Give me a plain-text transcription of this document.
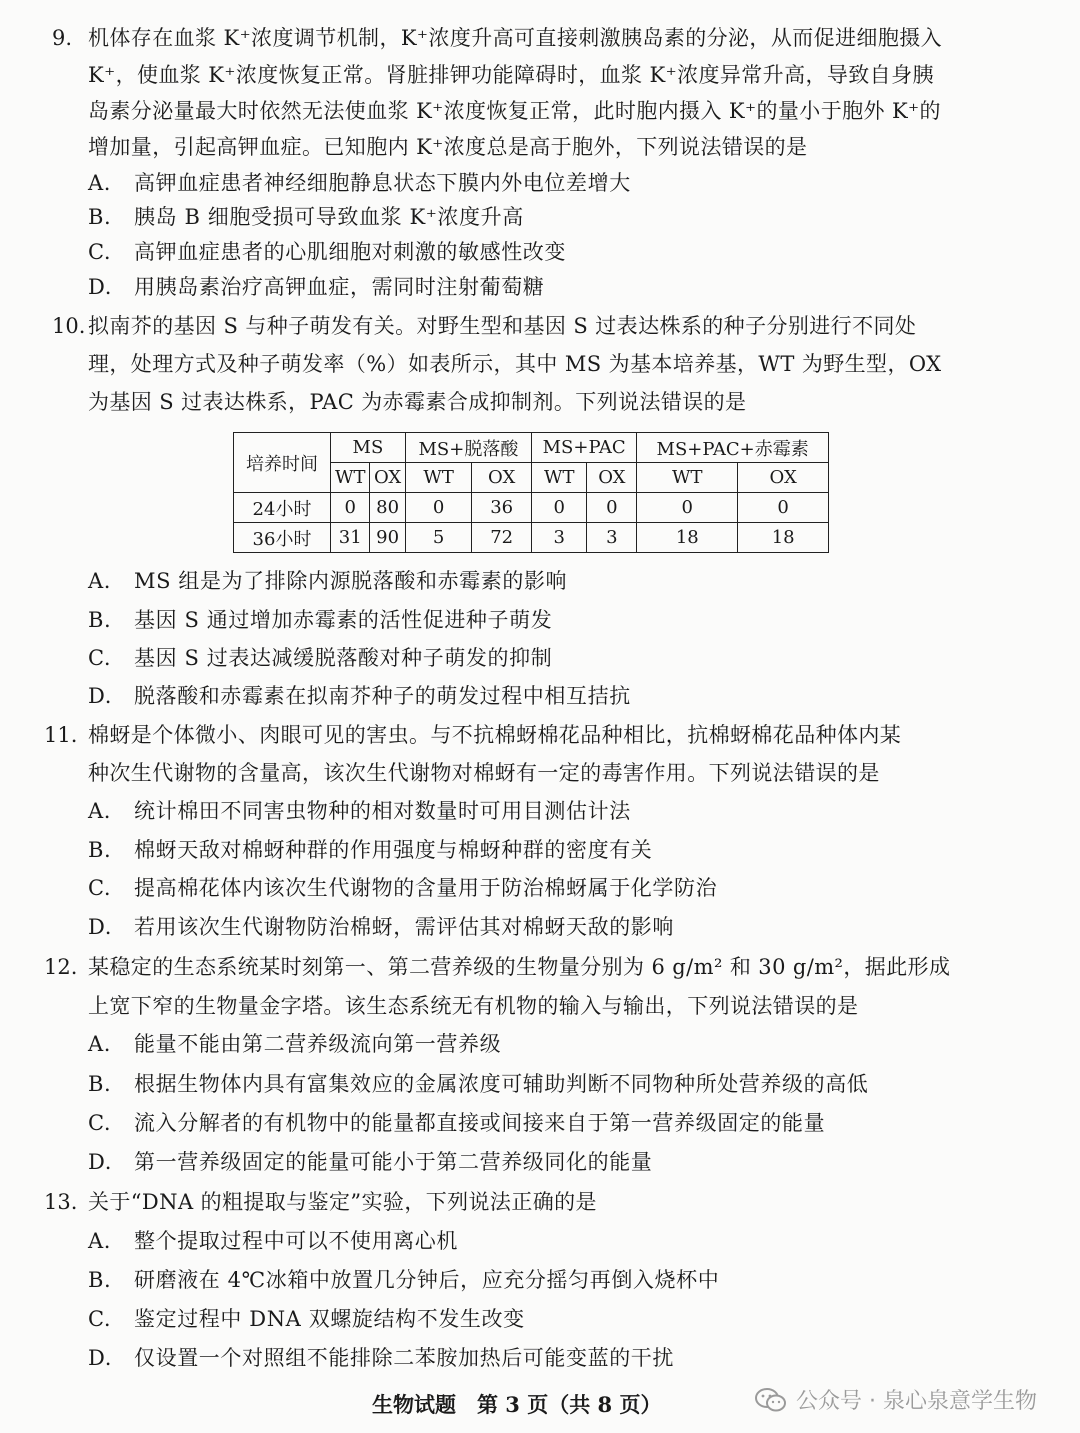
9. 机体存在血浆 K⁺浓度调节机制，K⁺浓度升高可直接刺激胰岛素的分泌，从而促进细胞摄入
K⁺，使血浆 K⁺浓度恢复正常。肾脏排钾功能障碍时，血浆 K⁺浓度异常升高，导致自身胰
岛素分泌量最大时依然无法使血浆 K⁺浓度恢复正常，此时胞内摄入 K⁺的量小于胞外 K⁺的
增加量，引起高钾血症。已知胞内 K⁺浓度总是高于胞外，下列说法错误的是
A. 高钾血症患者神经细胞静息状态下膜内外电位差增大
B. 胰岛 B 细胞受损可导致血浆 K⁺浓度升高
C. 高钾血症患者的心肌细胞对刺激的敏感性改变
D. 用胰岛素治疗高钾血症，需同时注射葡萄糖
10. 拟南芥的基因 S 与种子萌发有关。对野生型和基因 S 过表达株系的种子分别进行不同处
理，处理方式及种子萌发率（%）如表所示，其中 MS 为基本培养基，WT 为野生型，OX
为基因 S 过表达株系，PAC 为赤霉素合成抑制剂。下列说法错误的是
培养时间	MS		MS+脱落酸		MS+PAC		MS+PAC+赤霉素	
	WT	OX	WT	OX	WT	OX	WT	OX
24小时	0	80	0	36	0	0	0	0
36小时	31	90	5	72	3	3	18	18
A. MS 组是为了排除内源脱落酸和赤霉素的影响
B. 基因 S 通过增加赤霉素的活性促进种子萌发
C. 基因 S 过表达减缓脱落酸对种子萌发的抑制
D. 脱落酸和赤霉素在拟南芥种子的萌发过程中相互拮抗
11. 棉蚜是个体微小、肉眼可见的害虫。与不抗棉蚜棉花品种相比，抗棉蚜棉花品种体内某
种次生代谢物的含量高，该次生代谢物对棉蚜有一定的毒害作用。下列说法错误的是
A. 统计棉田不同害虫物种的相对数量时可用目测估计法
B. 棉蚜天敌对棉蚜种群的作用强度与棉蚜种群的密度有关
C. 提高棉花体内该次生代谢物的含量用于防治棉蚜属于化学防治
D. 若用该次生代谢物防治棉蚜，需评估其对棉蚜天敌的影响
12. 某稳定的生态系统某时刻第一、第二营养级的生物量分别为 6 g/m² 和 30 g/m²，据此形成
上宽下窄的生物量金字塔。该生态系统无有机物的输入与输出，下列说法错误的是
A. 能量不能由第二营养级流向第一营养级
B. 根据生物体内具有富集效应的金属浓度可辅助判断不同物种所处营养级的高低
C. 流入分解者的有机物中的能量都直接或间接来自于第一营养级固定的能量
D. 第一营养级固定的能量可能小于第二营养级同化的能量
13. 关于“DNA 的粗提取与鉴定”实验，下列说法正确的是
A. 整个提取过程中可以不使用离心机
B. 研磨液在 4℃冰箱中放置几分钟后，应充分摇匀再倒入烧杯中
C. 鉴定过程中 DNA 双螺旋结构不发生改变
D. 仅设置一个对照组不能排除二苯胺加热后可能变蓝的干扰
生物试题　第 3 页（共 8 页）	公众号 · 泉心泉意学生物
